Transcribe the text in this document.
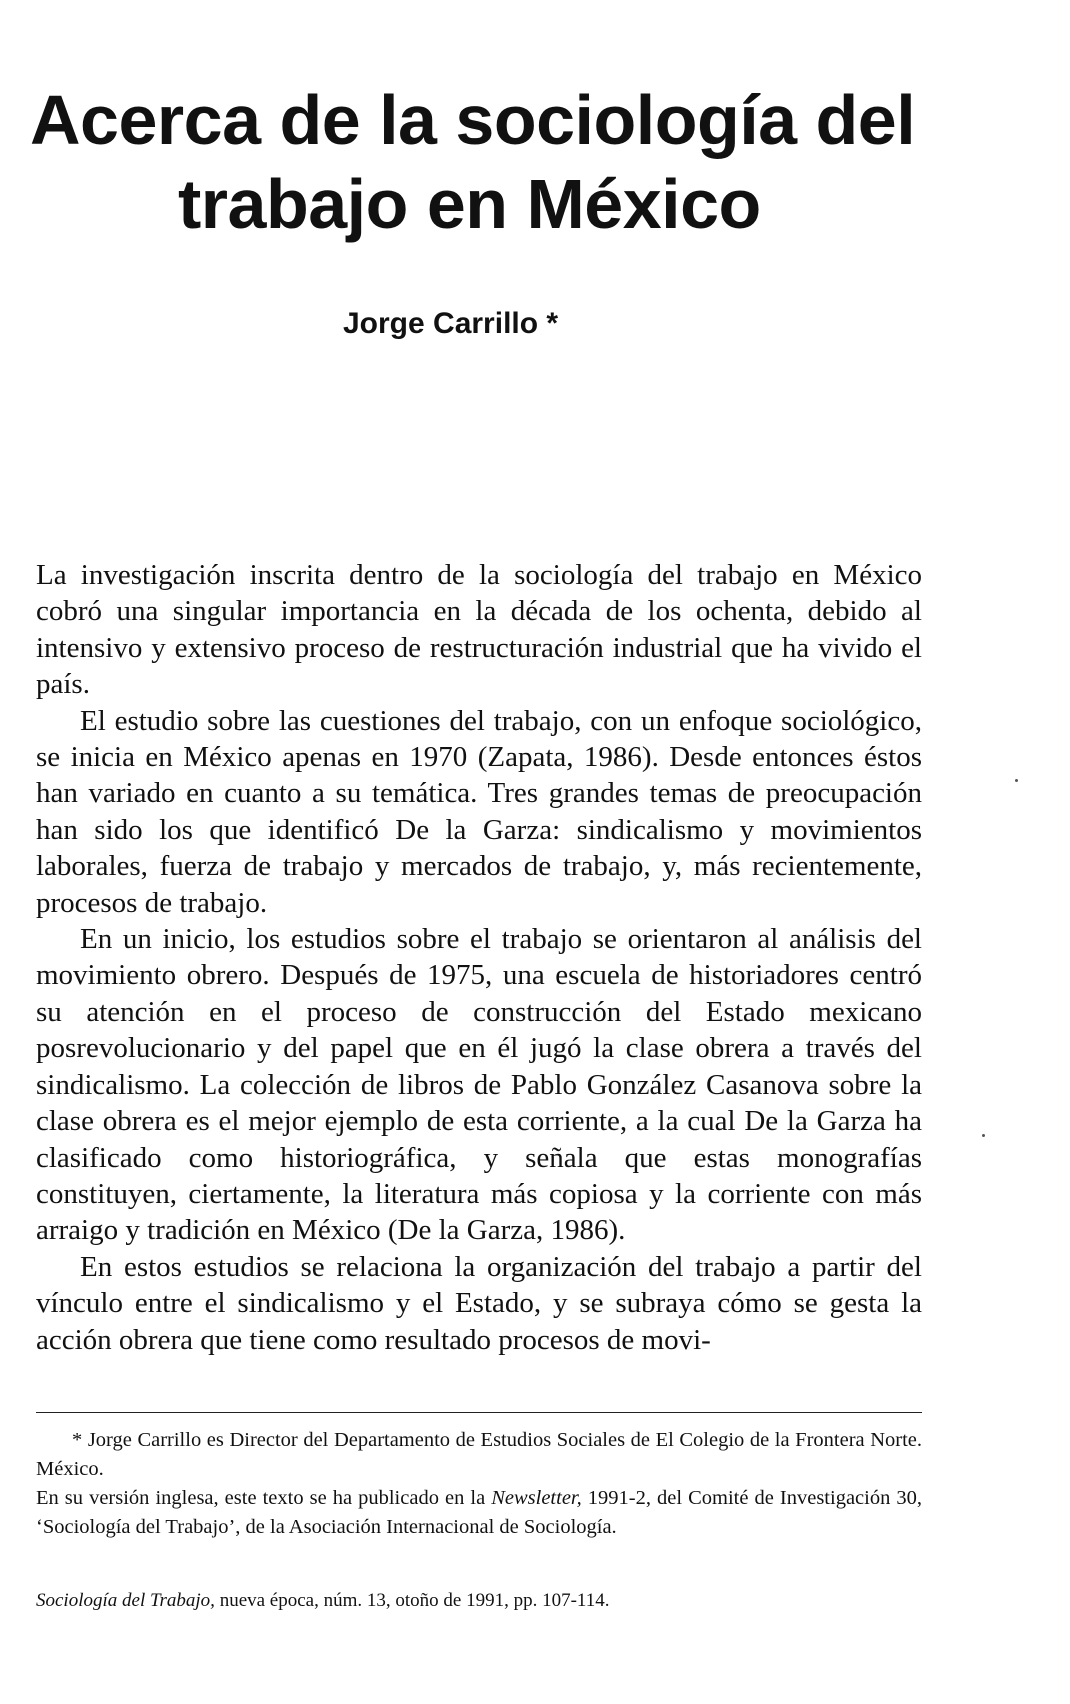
Acerca de la sociología del
trabajo en México

Jorge Carrillo *

La investigación inscrita dentro de la sociología del trabajo en México cobró una singular importancia en la década de los ochenta, debido al intensivo y extensivo proceso de restructuración industrial que ha vivido el país.

El estudio sobre las cuestiones del trabajo, con un enfoque sociológico, se inicia en México apenas en 1970 (Zapata, 1986). Desde entonces éstos han variado en cuanto a su temática. Tres grandes temas de preocupación han sido los que identificó De la Garza: sindicalismo y movimientos laborales, fuerza de trabajo y mercados de trabajo, y, más recientemente, procesos de trabajo.

En un inicio, los estudios sobre el trabajo se orientaron al análisis del movimiento obrero. Después de 1975, una escuela de historiadores centró su atención en el proceso de construcción del Estado mexicano posrevolucionario y del papel que en él jugó la clase obrera a través del sindicalismo. La colección de libros de Pablo González Casanova sobre la clase obrera es el mejor ejemplo de esta corriente, a la cual De la Garza ha clasificado como historiográfica, y señala que estas monografías constituyen, ciertamente, la literatura más copiosa y la corriente con más arraigo y tradición en México (De la Garza, 1986).

En estos estudios se relaciona la organización del trabajo a partir del vínculo entre el sindicalismo y el Estado, y se subraya cómo se gesta la acción obrera que tiene como resultado procesos de movi-

* Jorge Carrillo es Director del Departamento de Estudios Sociales de El Colegio de la Frontera Norte. México.

En su versión inglesa, este texto se ha publicado en la Newsletter, 1991-2, del Comité de Investigación 30, ‘Sociología del Trabajo’, de la Asociación Internacional de Sociología.

Sociología del Trabajo, nueva época, núm. 13, otoño de 1991, pp. 107-114.
